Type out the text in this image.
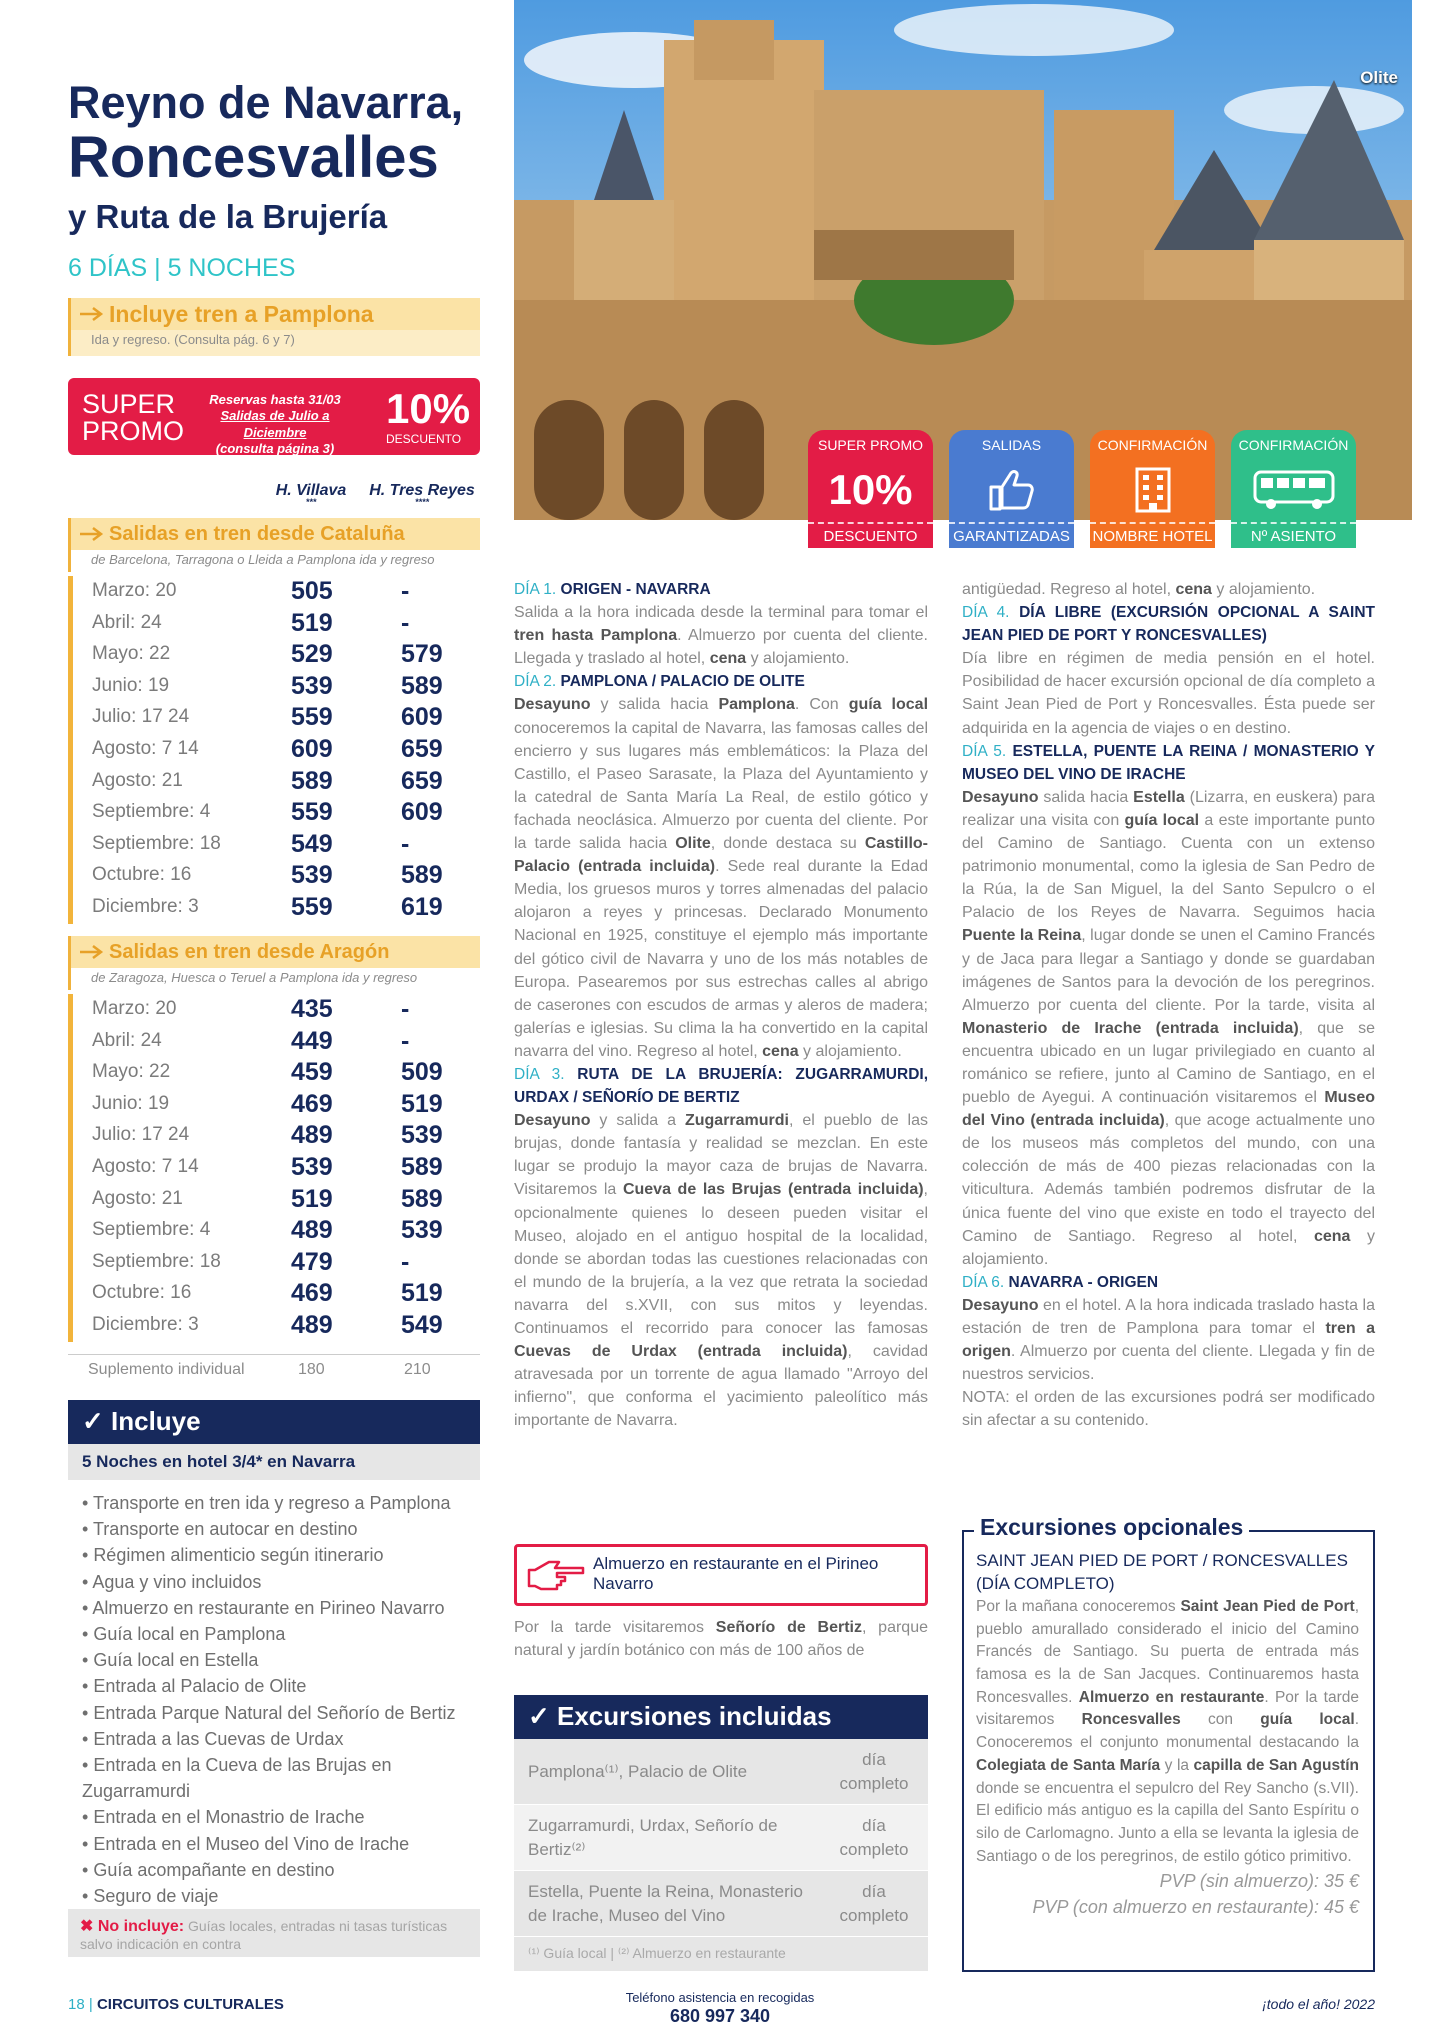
Reyno de Navarra,
Roncesvalles
y Ruta de la Brujería
6 DÍAS | 5 NOCHES
Incluye tren a Pamplona
Ida y regreso. (Consulta pág. 6 y 7)
SUPER
PROMO
Reservas hasta 31/03
Salidas de Julio a Diciembre
(consulta página 3)
10%
DESCUENTO
H. Villava
***
H. Tres Reyes
****
Salidas en tren desde Cataluña
de Barcelona, Tarragona o Lleida a Pamplona ida y regreso
Marzo: 20	505	-
Abril: 24	519	-
Mayo: 22	529	579
Junio: 19	539	589
Julio: 17 24	559	609
Agosto: 7 14	609	659
Agosto: 21	589	659
Septiembre: 4	559	609
Septiembre: 18	549	-
Octubre: 16	539	589
Diciembre: 3	559	619
Salidas en tren desde Aragón
de Zaragoza, Huesca o Teruel a Pamplona ida y regreso
Marzo: 20	435	-
Abril: 24	449	-
Mayo: 22	459	509
Junio: 19	469	519
Julio: 17 24	489	539
Agosto: 7 14	539	589
Agosto: 21	519	589
Septiembre: 4	489	539
Septiembre: 18	479	-
Octubre: 16	469	519
Diciembre: 3	489	549
Suplemento individual	180	210
✓ Incluye
5 Noches en hotel 3/4* en Navarra
• Transporte en tren ida y regreso a Pamplona
• Transporte en autocar en destino
• Régimen alimenticio según itinerario
• Agua y vino incluidos
• Almuerzo en restaurante en Pirineo Navarro
• Guía local en Pamplona
• Guía local en Estella
• Entrada al Palacio de Olite
• Entrada Parque Natural del Señorío de Bertiz
• Entrada a las Cuevas de Urdax
• Entrada en la Cueva de las Brujas en Zugarramurdi
• Entrada en el Monastrio de Irache
• Entrada en el Museo del Vino de Irache
• Guía acompañante en destino
• Seguro de viaje
✖ No incluye: Guías locales, entradas ni tasas turísticas salvo indicación en contra
Olite
SUPER PROMO
10%
DESCUENTO
SALIDAS
GARANTIZADAS
CONFIRMACIÓN
NOMBRE HOTEL
CONFIRMACIÓN
Nº ASIENTO
DÍA 1. ORIGEN - NAVARRA
Salida a la hora indicada desde la terminal para tomar el tren hasta Pamplona. Almuerzo por cuenta del cliente. Llegada y traslado al hotel, cena y alojamiento.
DÍA 2. PAMPLONA / PALACIO DE OLITE
Desayuno y salida hacia Pamplona. Con guía local conoceremos la capital de Navarra, las famosas calles del encierro y sus lugares más emblemáticos: la Plaza del Castillo, el Paseo Sarasate, la Plaza del Ayuntamiento y la catedral de Santa María La Real, de estilo gótico y fachada neoclásica. Almuerzo por cuenta del cliente. Por la tarde salida hacia Olite, donde destaca su Castillo- Palacio (entrada incluida). Sede real durante la Edad Media, los gruesos muros y torres almenadas del palacio alojaron a reyes y princesas. Declarado Monumento Nacional en 1925, constituye el ejemplo más importante del gótico civil de Navarra y uno de los más notables de Europa. Pasearemos por sus estrechas calles al abrigo de caserones con escudos de armas y aleros de madera; galerías e iglesias. Su clima la ha convertido en la capital navarra del vino. Regreso al hotel, cena y alojamiento.
DÍA 3. RUTA DE LA BRUJERÍA: ZUGARRAMURDI, URDAX / SEÑORÍO DE BERTIZ
Desayuno y salida a Zugarramurdi, el pueblo de las brujas, donde fantasía y realidad se mezclan. En este lugar se produjo la mayor caza de brujas de Navarra. Visitaremos la Cueva de las Brujas (entrada incluida), opcionalmente quienes lo deseen pueden visitar el Museo, alojado en el antiguo hospital de la localidad, donde se abordan todas las cuestiones relacionadas con el mundo de la brujería, a la vez que retrata la sociedad navarra del s.XVII, con sus mitos y leyendas. Continuamos el recorrido para conocer las famosas Cuevas de Urdax (entrada incluida), cavidad atravesada por un torrente de agua llamado "Arroyo del infierno", que conforma el yacimiento paleolítico más importante de Navarra.
Almuerzo en restaurante en el Pirineo Navarro
Por la tarde visitaremos Señorío de Bertiz, parque natural y jardín botánico con más de 100 años de
✓ Excursiones incluidas
Pamplona⁽¹⁾, Palacio de Olite
día completo
Zugarramurdi, Urdax, Señorío de Bertiz⁽²⁾
día completo
Estella, Puente la Reina, Monasterio de Irache, Museo del Vino
día completo
⁽¹⁾ Guía local | ⁽²⁾ Almuerzo en restaurante
antigüedad. Regreso al hotel, cena y alojamiento.
DÍA 4. DÍA LIBRE (EXCURSIÓN OPCIONAL A SAINT JEAN PIED DE PORT Y RONCESVALLES)
Día libre en régimen de media pensión en el hotel. Posibilidad de hacer excursión opcional de día completo a Saint Jean Pied de Port y Roncesvalles. Ésta puede ser adquirida en la agencia de viajes o en destino.
DÍA 5. ESTELLA, PUENTE LA REINA / MONASTERIO Y MUSEO DEL VINO DE IRACHE
Desayuno salida hacia Estella (Lizarra, en euskera) para realizar una visita con guía local a este importante punto del Camino de Santiago. Cuenta con un extenso patrimonio monumental, como la iglesia de San Pedro de la Rúa, la de San Miguel, la del Santo Sepulcro o el Palacio de los Reyes de Navarra. Seguimos hacia Puente la Reina, lugar donde se unen el Camino Francés y de Jaca para llegar a Santiago y donde se guardaban imágenes de Santos para la devoción de los peregrinos. Almuerzo por cuenta del cliente. Por la tarde, visita al Monasterio de Irache (entrada incluida), que se encuentra ubicado en un lugar privilegiado en cuanto al románico se refiere, junto al Camino de Santiago, en el pueblo de Ayegui. A continuación visitaremos el Museo del Vino (entrada incluida), que acoge actualmente uno de los museos más completos del mundo, con una colección de más de 400 piezas relacionadas con la viticultura. Además también podremos disfrutar de la única fuente del vino que existe en todo el trayecto del Camino de Santiago. Regreso al hotel, cena y alojamiento.
DÍA 6. NAVARRA - ORIGEN
Desayuno en el hotel. A la hora indicada traslado hasta la estación de tren de Pamplona para tomar el tren a origen. Almuerzo por cuenta del cliente. Llegada y fin de nuestros servicios.
NOTA: el orden de las excursiones podrá ser modificado sin afectar a su contenido.
Excursiones opcionales
SAINT JEAN PIED DE PORT / RONCESVALLES (DÍA COMPLETO)
Por la mañana conoceremos Saint Jean Pied de Port, pueblo amurallado considerado el inicio del Camino Francés de Santiago. Su puerta de entrada más famosa es la de San Jacques. Continuaremos hasta Roncesvalles. Almuerzo en restaurante. Por la tarde visitaremos Roncesvalles con guía local. Conoceremos el conjunto monumental destacando la Colegiata de Santa María y la capilla de San Agustín donde se encuentra el sepulcro del Rey Sancho (s.VII). El edificio más antiguo es la capilla del Santo Espíritu o silo de Carlomagno. Junto a ella se levanta la iglesia de Santiago o de los peregrinos, de estilo gótico primitivo.
PVP (sin almuerzo): 35 €
PVP (con almuerzo en restaurante): 45 €
18 | CIRCUITOS CULTURALES	Teléfono asistencia en recogidas
680 997 340
¡todo el año! 2022
